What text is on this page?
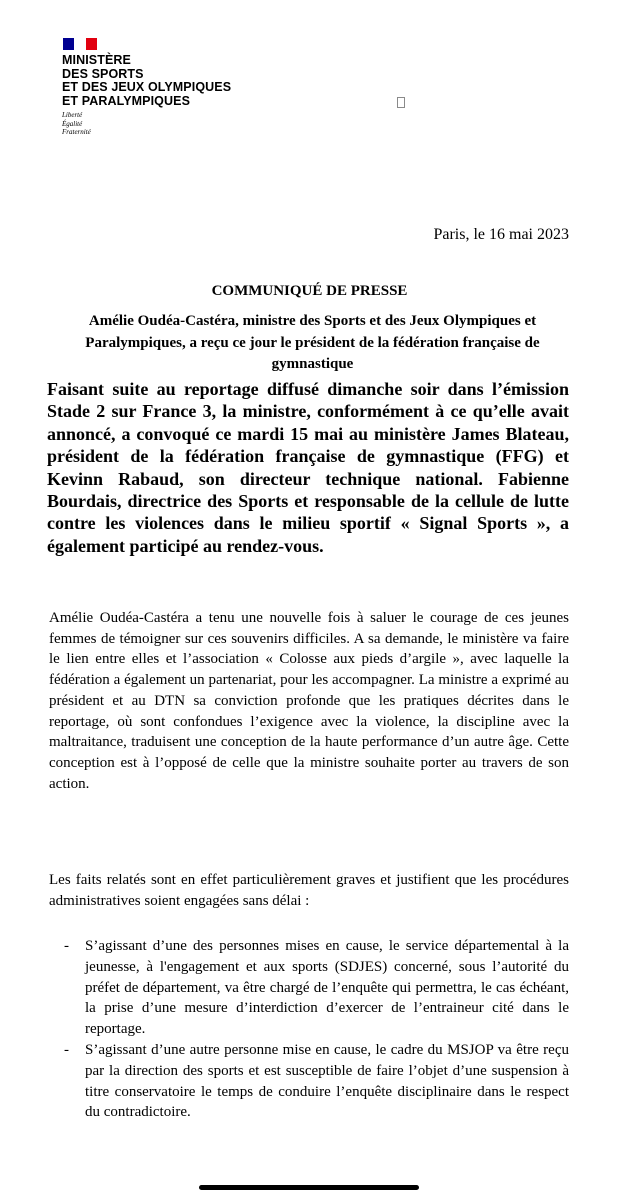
MINISTÈRE
DES SPORTS
ET DES JEUX OLYMPIQUES
ET PARALYMPIQUES
Liberté
Égalité
Fraternité
Paris, le 16 mai 2023
COMMUNIQUÉ DE PRESSE
Amélie Oudéa-Castéra, ministre des Sports et des Jeux Olympiques et Paralympiques, a reçu ce jour le président de la fédération française de gymnastique
Faisant suite au reportage diffusé dimanche soir dans l’émission Stade 2 sur France 3, la ministre, conformément à ce qu’elle avait annoncé, a convoqué ce mardi 15 mai au ministère James Blateau, président de la fédération française de gymnastique (FFG) et Kevinn Rabaud, son directeur technique national. Fabienne Bourdais, directrice des Sports et responsable de la cellule de lutte contre les violences dans le milieu sportif « Signal Sports », a également participé au rendez-vous.
Amélie Oudéa-Castéra a tenu une nouvelle fois à saluer le courage de ces jeunes femmes de témoigner sur ces souvenirs difficiles. A sa demande, le ministère va faire le lien entre elles et l’association « Colosse aux pieds d’argile », avec laquelle la fédération a également un partenariat, pour les accompagner. La ministre a exprimé au président et au DTN sa conviction profonde que les pratiques décrites dans le reportage, où sont confondues l’exigence avec la violence, la discipline avec la maltraitance, traduisent une conception de la haute performance d’un autre âge. Cette conception est à l’opposé de celle que la ministre souhaite porter au travers de son action.
Les faits relatés sont en effet particulièrement graves et justifient que les procédures administratives soient engagées sans délai :
- S’agissant d’une des personnes mises en cause, le service départemental à la jeunesse, à l'engagement et aux sports (SDJES) concerné, sous l’autorité du préfet de département, va être chargé de l’enquête qui permettra, le cas échéant, la prise d’une mesure d’interdiction d’exercer de l’entraineur cité dans le reportage.
- S’agissant d’une autre personne mise en cause, le cadre du MSJOP va être reçu par la direction des sports et est susceptible de faire l’objet d’une suspension à titre conservatoire le temps de conduire l’enquête disciplinaire dans le respect du contradictoire.
